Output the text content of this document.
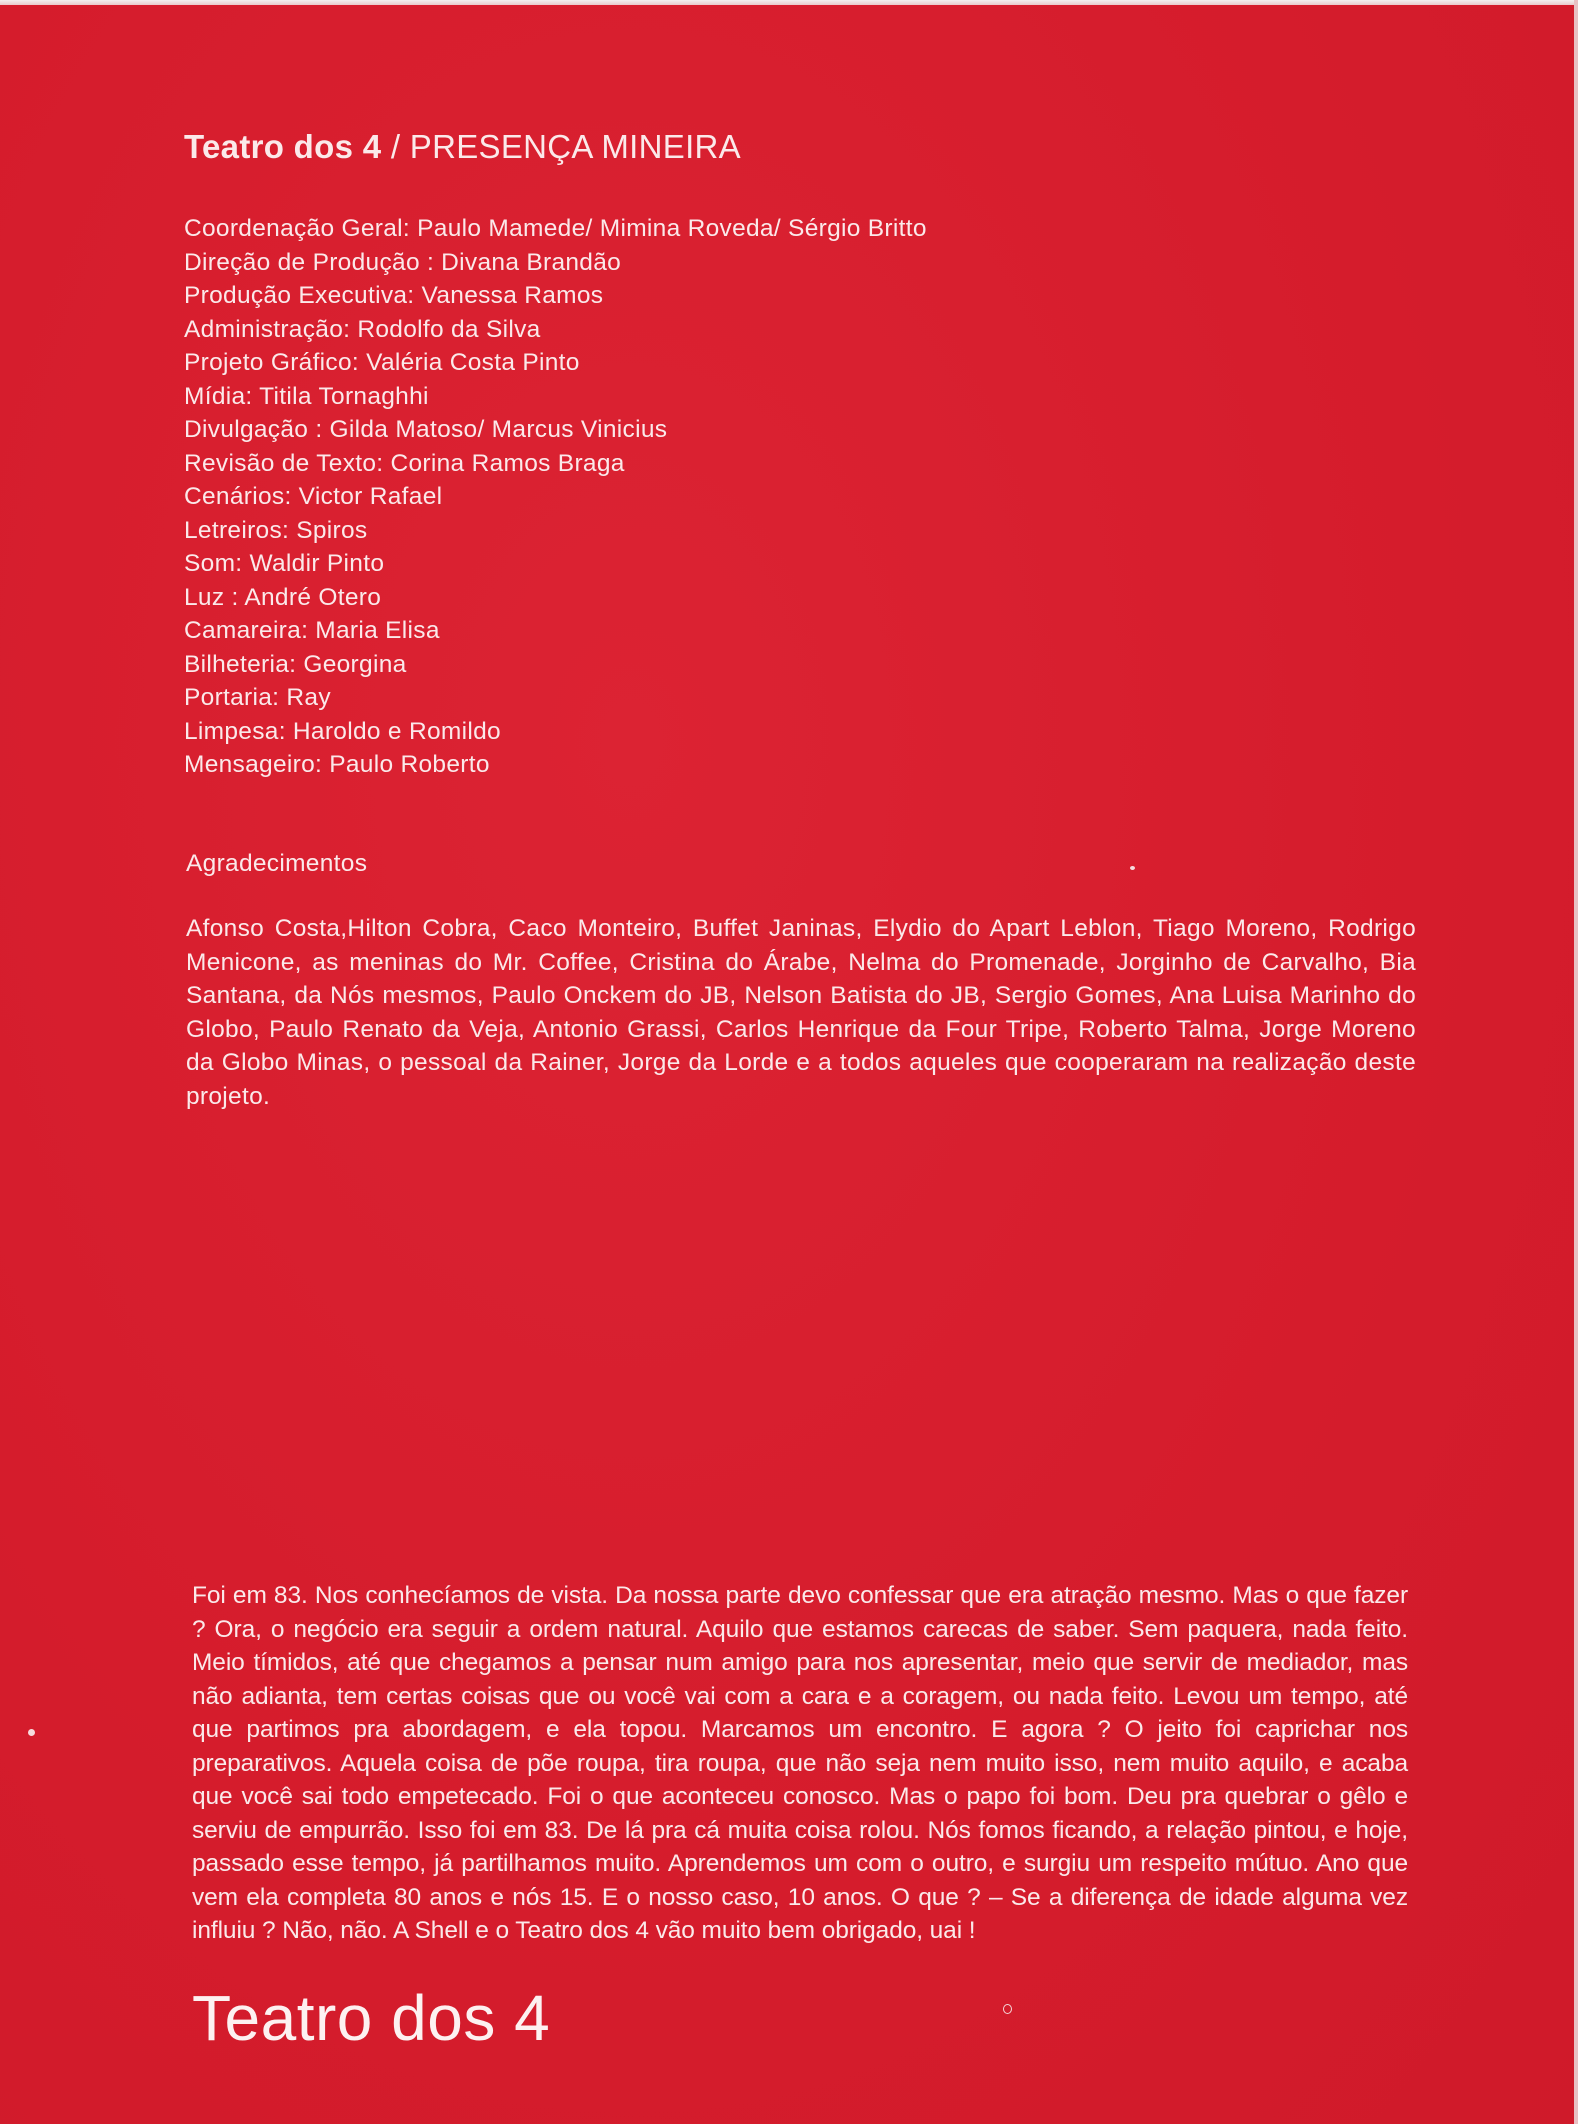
Teatro dos 4 / PRESENÇA MINEIRA
Coordenação Geral: Paulo Mamede/ Mimina Roveda/ Sérgio Britto
Direção de Produção : Divana Brandão
Produção Executiva: Vanessa Ramos
Administração: Rodolfo da Silva
Projeto Gráfico: Valéria Costa Pinto
Mídia: Titila Tornaghhi
Divulgação : Gilda Matoso/ Marcus Vinicius
Revisão de Texto: Corina Ramos Braga
Cenários: Victor Rafael
Letreiros: Spiros
Som: Waldir Pinto
Luz : André Otero
Camareira: Maria Elisa
Bilheteria: Georgina
Portaria: Ray
Limpesa: Haroldo e Romildo
Mensageiro: Paulo Roberto
Agradecimentos

Afonso Costa,Hilton Cobra, Caco Monteiro, Buffet Janinas, Elydio do Apart Leblon, Tiago Moreno, Rodrigo Menicone, as meninas do Mr. Coffee, Cristina do Árabe, Nelma do Promenade, Jorginho de Carvalho, Bia Santana, da Nós mesmos, Paulo Onckem do JB, Nelson Batista do JB, Sergio Gomes, Ana Luisa Marinho do Globo, Paulo Renato da Veja, Antonio Grassi, Carlos Henrique da Four Tripe, Roberto Talma, Jorge Moreno da Globo Minas, o pessoal da Rainer, Jorge da Lorde e a todos aqueles que cooperaram na realização deste projeto.

Foi em 83. Nos conhecíamos de vista. Da nossa parte devo confessar que era atração mesmo. Mas o que fazer ? Ora, o negócio era seguir a ordem natural. Aquilo que estamos carecas de saber. Sem paquera, nada feito. Meio tímidos, até que chegamos a pensar num amigo para nos apresentar, meio que servir de mediador, mas não adianta, tem certas coisas que ou você vai com a cara e a coragem, ou nada feito. Levou um tempo, até que partimos pra abordagem, e ela topou. Marcamos um encontro. E agora ? O jeito foi caprichar nos preparativos. Aquela coisa de põe roupa, tira roupa, que não seja nem muito isso, nem muito aquilo, e acaba que você sai todo empetecado. Foi o que aconteceu conosco. Mas o papo foi bom. Deu pra quebrar o gêlo e serviu de empurrão. Isso foi em 83. De lá pra cá muita coisa rolou. Nós fomos ficando, a relação pintou, e hoje, passado esse tempo, já partilhamos muito. Aprendemos um com o outro, e surgiu um respeito mútuo. Ano que vem ela completa 80 anos e nós 15. E o nosso caso, 10 anos. O que ? – Se a diferença de idade alguma vez influiu ? Não, não. A Shell e o Teatro dos 4 vão muito bem obrigado, uai !

Teatro dos 4
